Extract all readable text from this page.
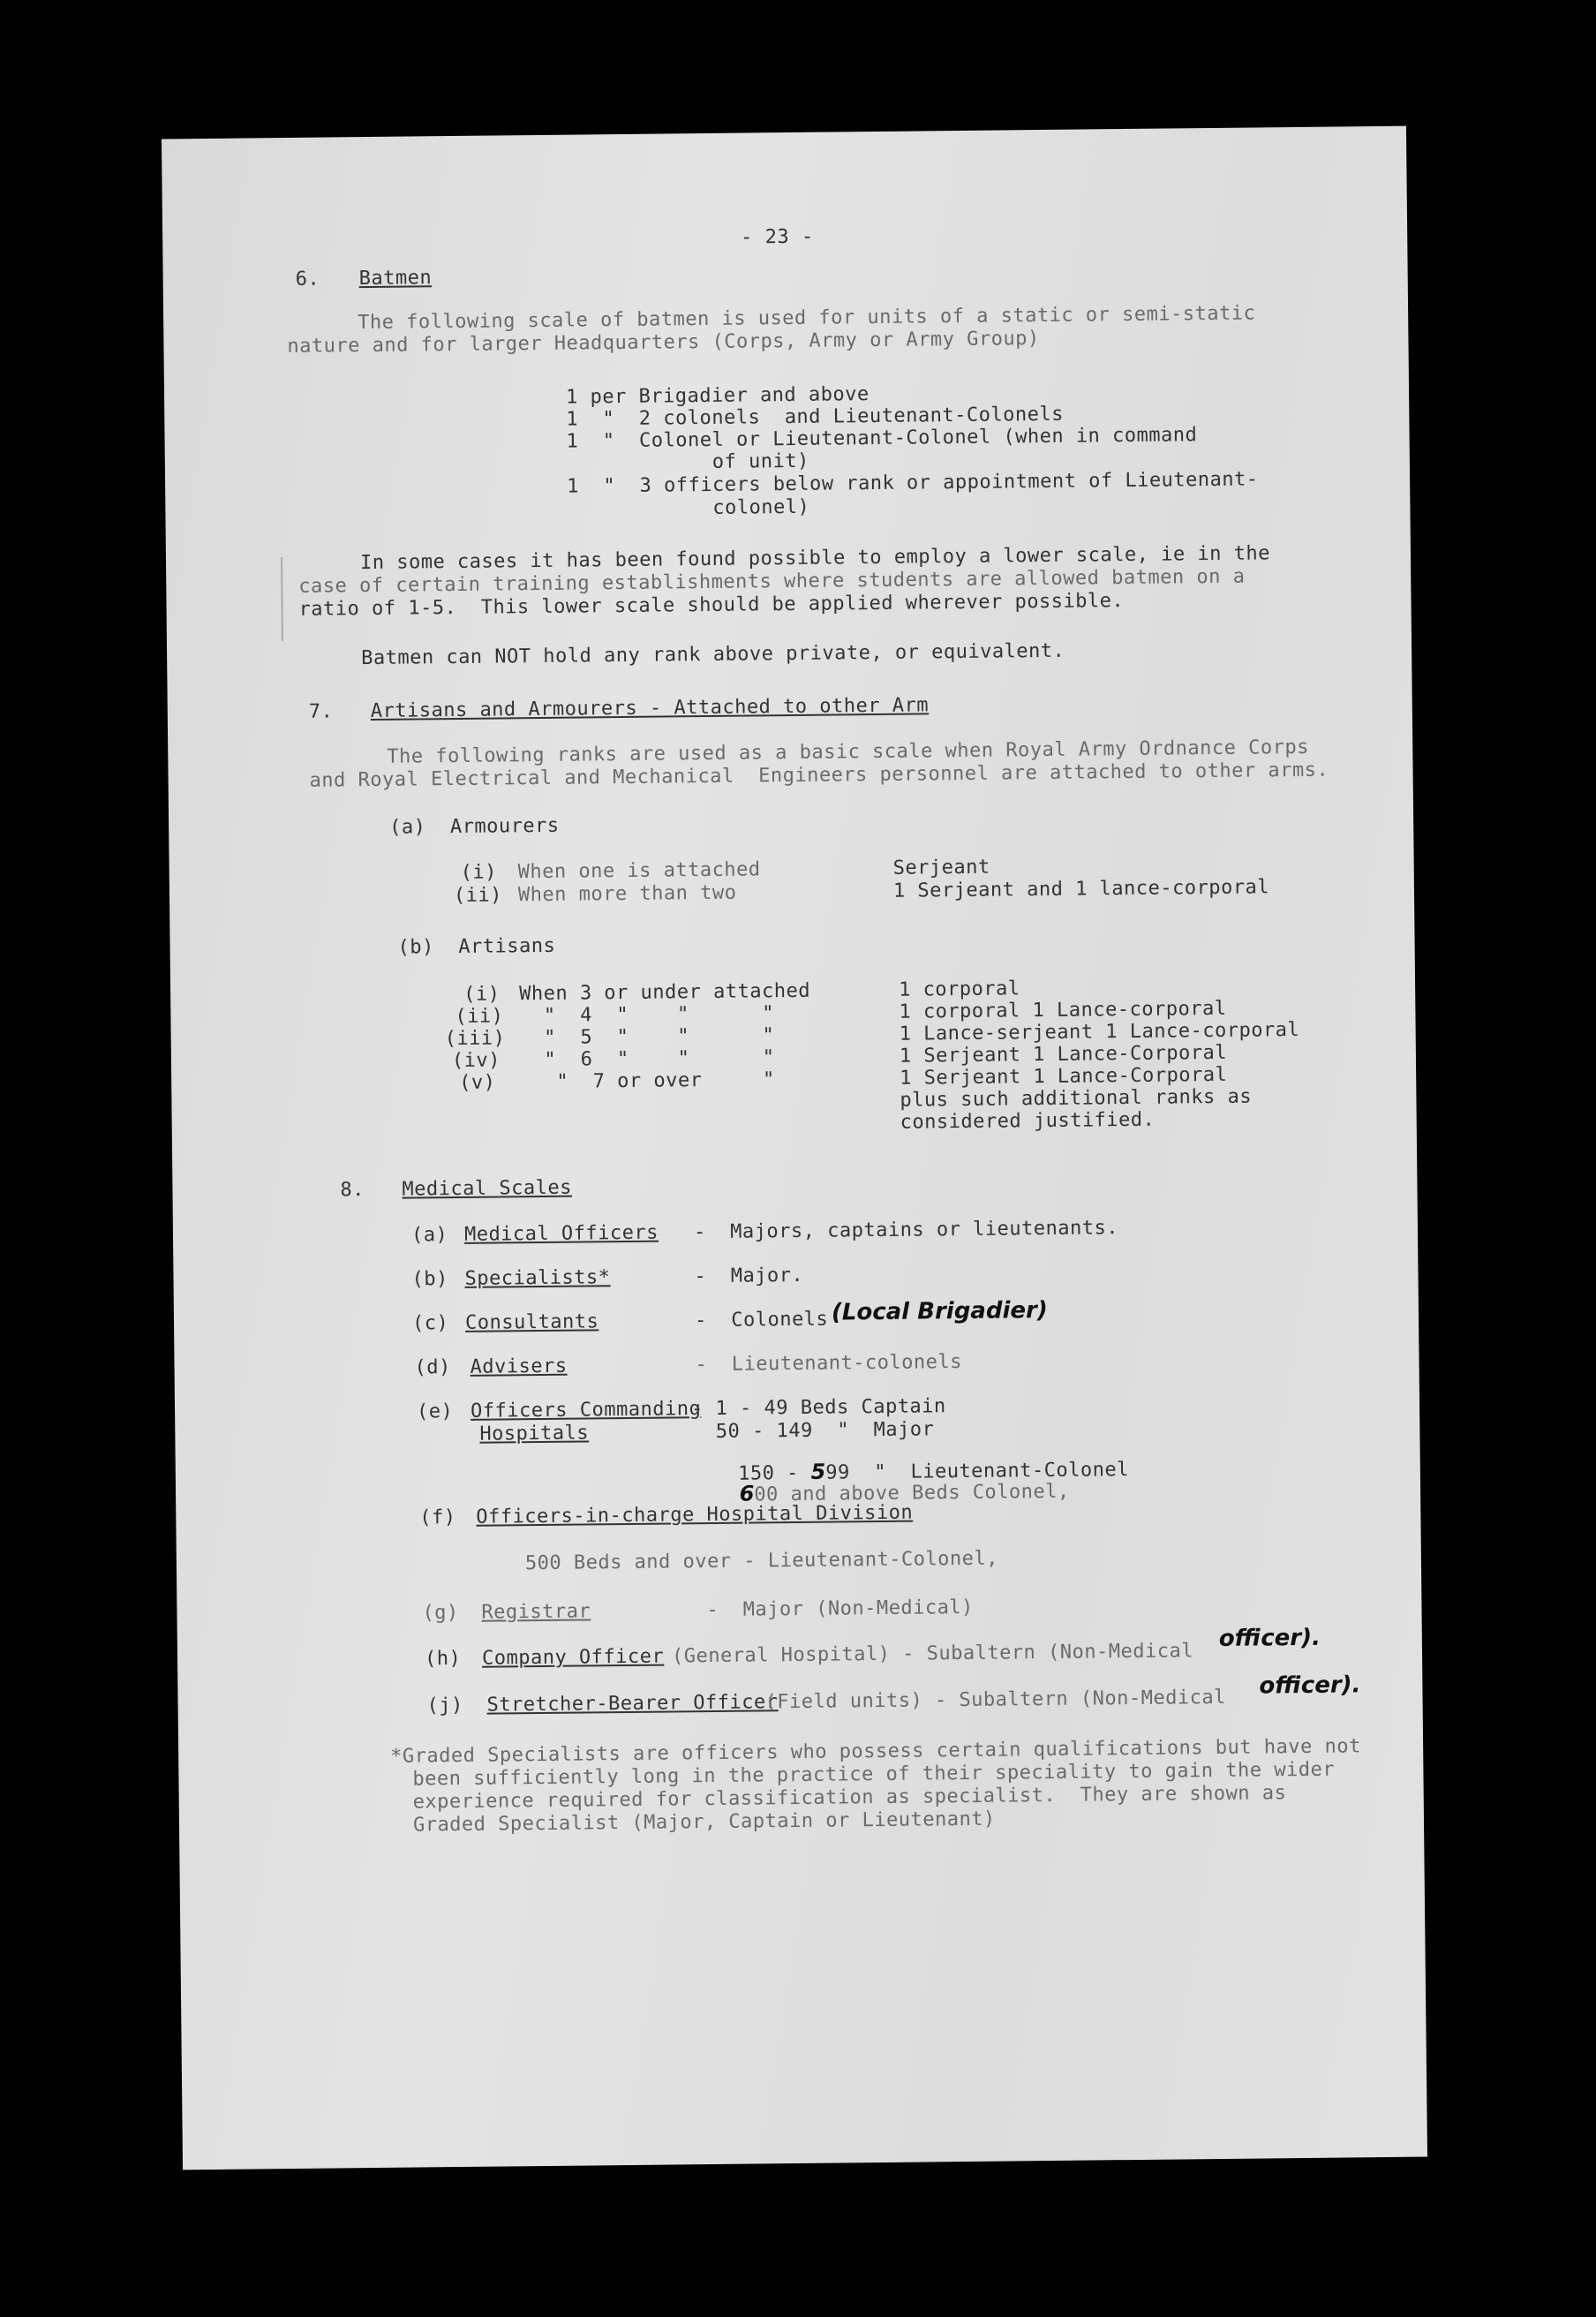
- 23 -
6. Batmen
The following scale of batmen is used for units of a static or semi-static
nature and for larger Headquarters (Corps, Army or Army Group)
1 per Brigadier and above
1  "  2 colonels  and Lieutenant-Colonels
1  "  Colonel or Lieutenant-Colonel (when in command
of unit)
1  "  3 officers below rank or appointment of Lieutenant-
colonel)
In some cases it has been found possible to employ a lower scale, ie in the
case of certain training establishments where students are allowed batmen on a
ratio of 1-5.  This lower scale should be applied wherever possible.
Batmen can NOT hold any rank above private, or equivalent.
7. Artisans and Armourers - Attached to other Arm
The following ranks are used as a basic scale when Royal Army Ordnance Corps
and Royal Electrical and Mechanical  Engineers personnel are attached to other arms.
(a)  Armourers
(i) When one is attached	Serjeant
(ii) When more than two	1 Serjeant and 1 lance-corporal
(b)  Artisans
(i) When 3 or under attached	1 corporal
(ii) "  4  "    "      "	1 corporal 1 Lance-corporal
(iii) "  5  "    "      "	1 Lance-serjeant 1 Lance-corporal
(iv) "  6  "    "      "	1 Serjeant 1 Lance-Corporal
(v) "  7 or over     "	1 Serjeant 1 Lance-Corporal
plus such additional ranks as
considered justified.
8. Medical Scales
(a) Medical Officers -  Majors, captains or lieutenants.
(b) Specialists*	-  Major.
(c) Consultants	-  Colonels (Local Brigadier)
(d) Advisers	-  Lieutenant-colonels
(e) Officers Commanding
Hospitals
- 1 - 49 Beds Captain
50 - 149  "  Major

150 - 599  "  Lieutenant-Colonel

600 and above Beds Colonel,

(f) Officers-in-charge Hospital Division
500 Beds and over - Lieutenant-Colonel,
(g) Registrar	-  Major (Non-Medical)
(h) Company Officer (General Hospital) - Subaltern (Non-Medical
officer).
(j) Stretcher-Bearer Officer
(Field units) - Subaltern (Non-Medical
officer).
*Graded Specialists are officers who possess certain qualifications but have not
been sufficiently long in the practice of their speciality to gain the wider
experience required for classification as specialist.  They are shown as
Graded Specialist (Major, Captain or Lieutenant)
